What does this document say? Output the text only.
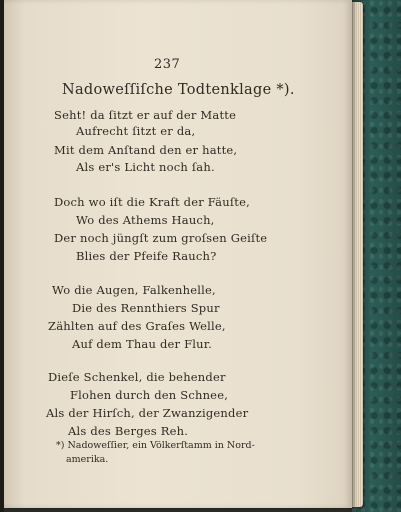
237
Nadoweſſiſche Todtenklage *).
Seht! da ſitzt er auf der Matte
Aufrecht ſitzt er da,
Mit dem Anſtand den er hatte,
Als er's Licht noch ſah.
Doch wo iſt die Kraft der Fäuſte,
Wo des Athems Hauch,
Der noch jüngſt zum groſsen Geiſte
Blies der Pfeife Rauch?
Wo die Augen, Falkenhelle,
Die des Rennthiers Spur
Zählten auf des Graſes Welle,
Auf dem Thau der Flur.
Dieſe Schenkel, die behender
Flohen durch den Schnee,
Als der Hirſch, der Zwanzigender
Als des Berges Reh.
*) Nadoweſſier, ein Völkerſtamm in Nord-
amerika.
